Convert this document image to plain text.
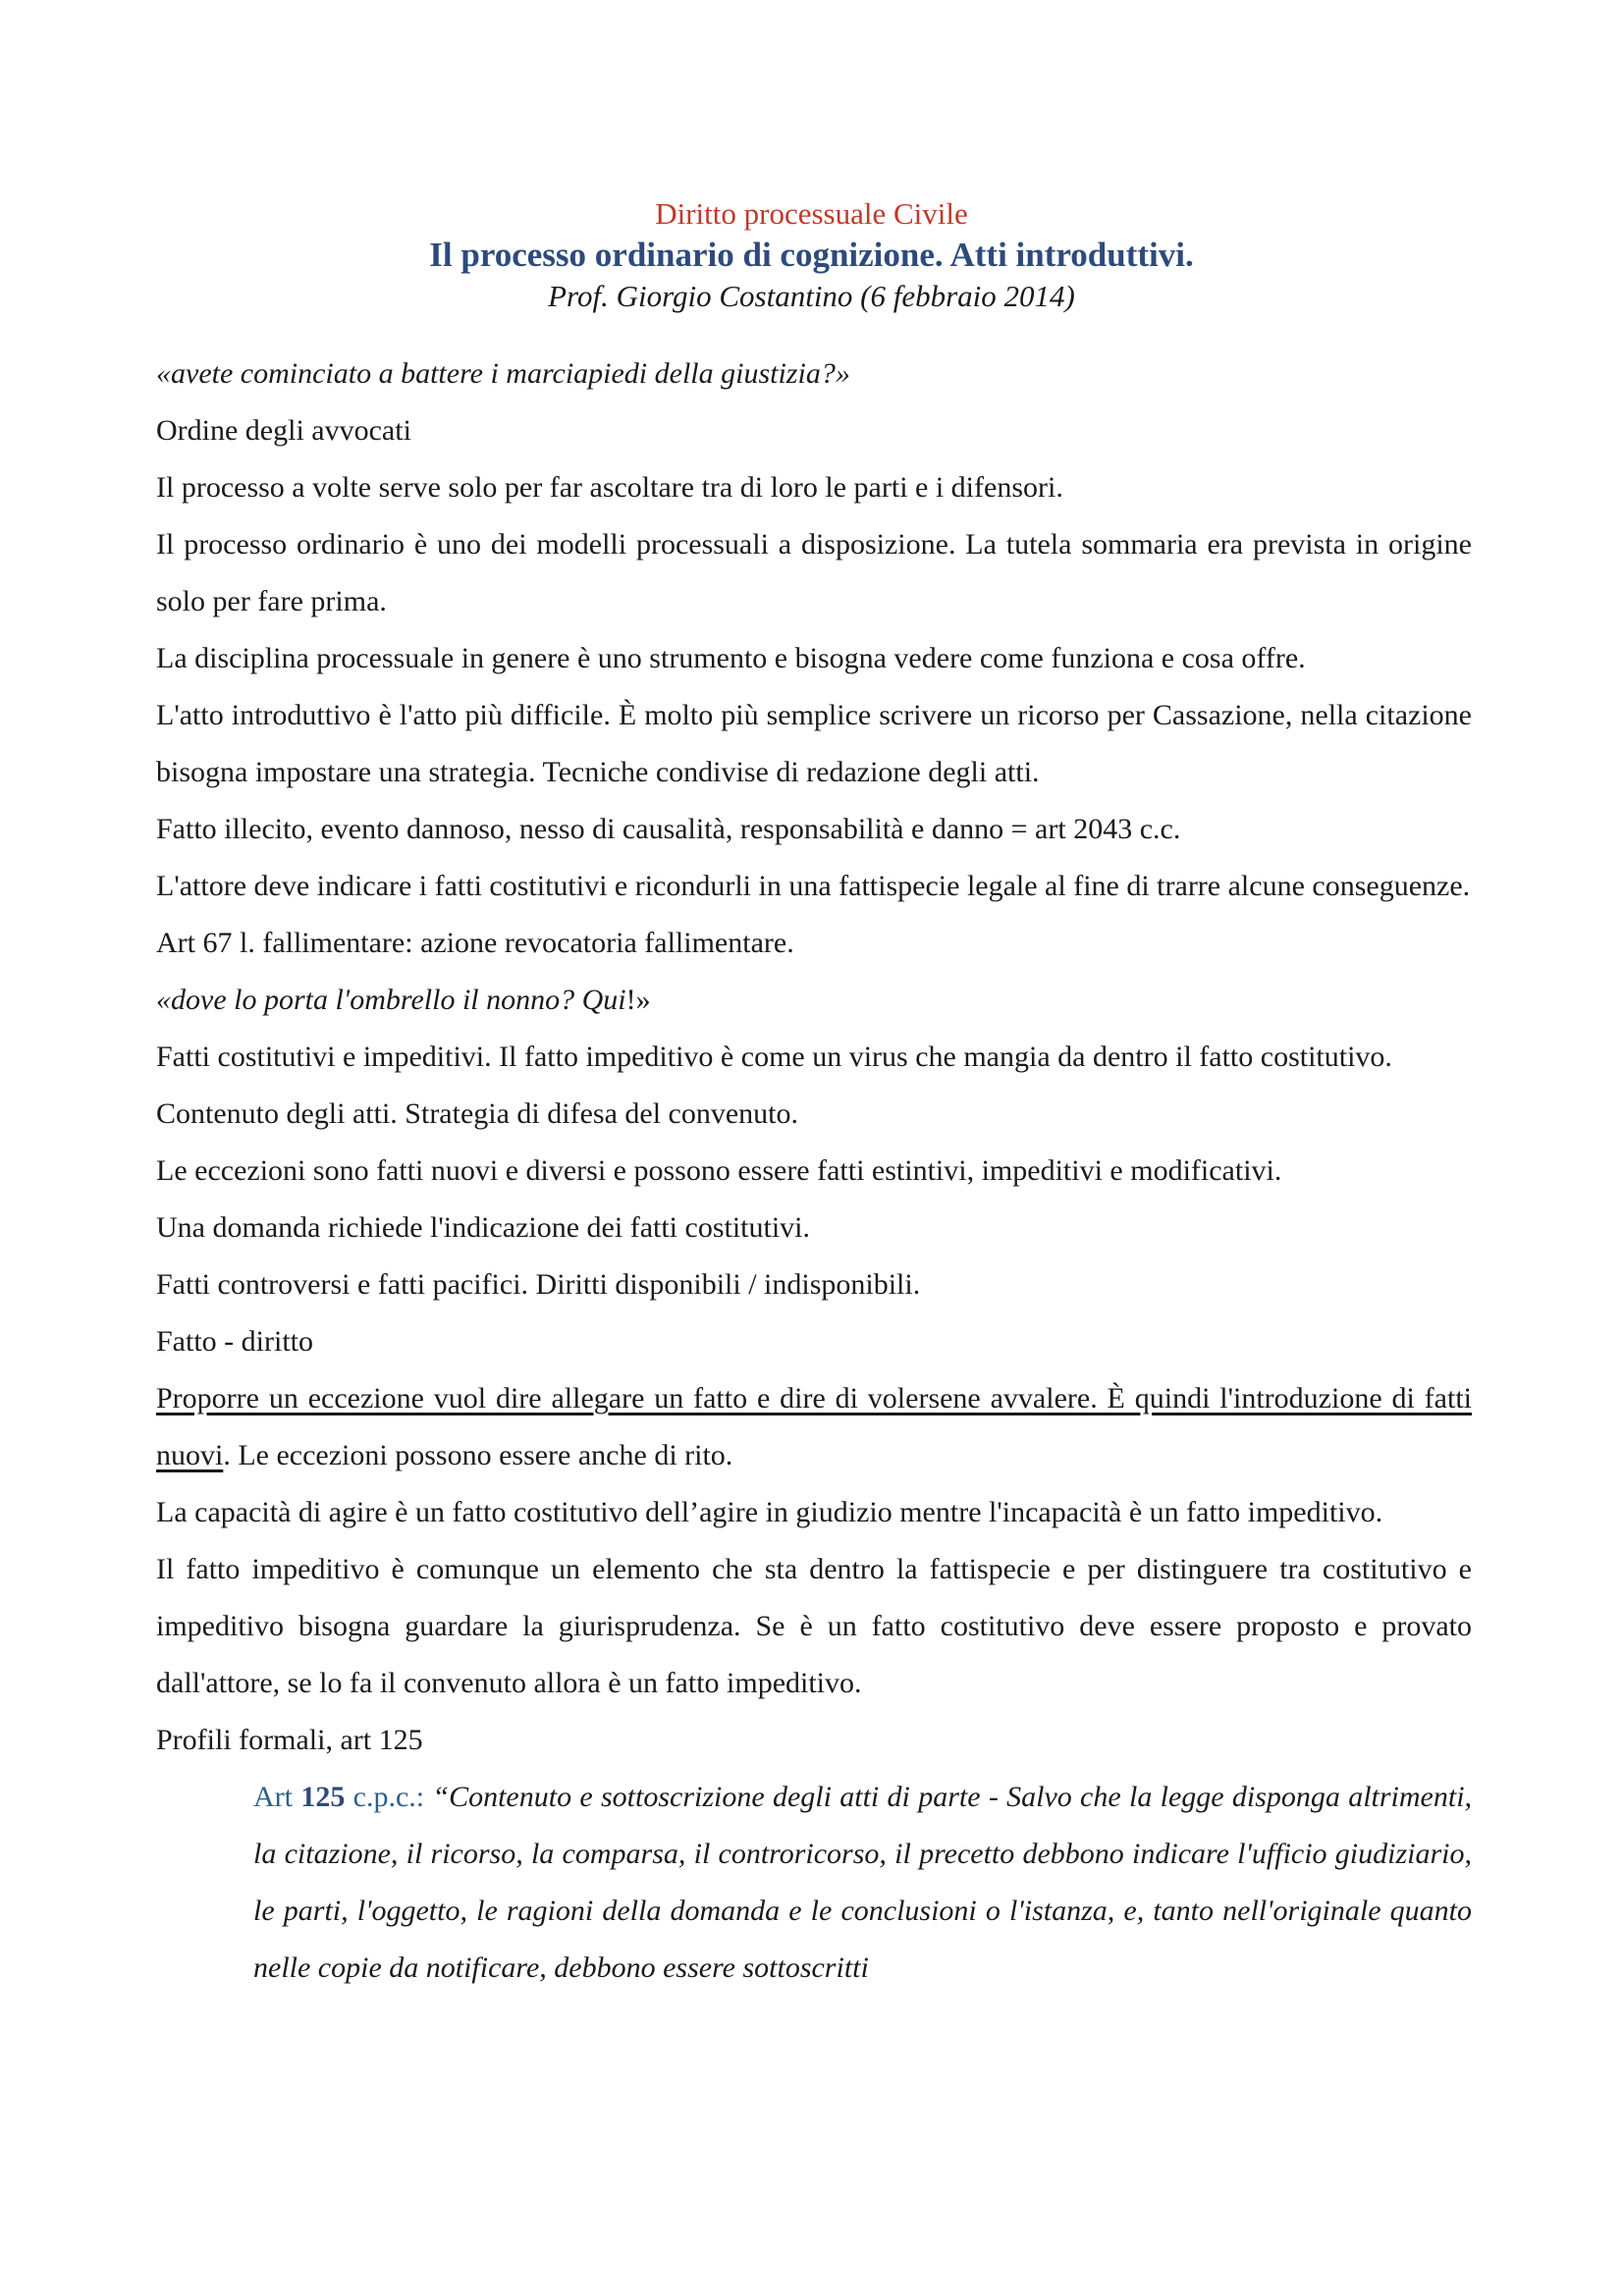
Diritto processuale Civile
Il processo ordinario di cognizione. Atti introduttivi.
Prof. Giorgio Costantino (6 febbraio 2014)

«avete cominciato a battere i marciapiedi della giustizia?»

Ordine degli avvocati

Il processo a volte serve solo per far ascoltare tra di loro le parti e i difensori.

Il processo ordinario è uno dei modelli processuali a disposizione. La tutela sommaria era prevista in origine solo per fare prima.

La disciplina processuale in genere è uno strumento e bisogna vedere come funziona e cosa offre.

L'atto introduttivo è l'atto più difficile. È molto più semplice scrivere un ricorso per Cassazione, nella citazione bisogna impostare una strategia. Tecniche condivise di redazione degli atti.

Fatto illecito, evento dannoso, nesso di causalità, responsabilità e danno = art 2043 c.c.

L'attore deve indicare i fatti costitutivi e ricondurli in una fattispecie legale al fine di trarre alcune conseguenze.

Art 67 l. fallimentare: azione revocatoria fallimentare.

«dove lo porta l'ombrello il nonno? Qui!»

Fatti costitutivi e impeditivi. Il fatto impeditivo è come un virus che mangia da dentro il fatto costitutivo.

Contenuto degli atti. Strategia di difesa del convenuto.

Le eccezioni sono fatti nuovi e diversi e possono essere fatti estintivi, impeditivi e modificativi.

Una domanda richiede l'indicazione dei fatti costitutivi.

Fatti controversi e fatti pacifici. Diritti disponibili / indisponibili.

Fatto - diritto

Proporre un eccezione vuol dire allegare un fatto e dire di volersene avvalere. È quindi l'introduzione di fatti nuovi. Le eccezioni possono essere anche di rito.

La capacità di agire è un fatto costitutivo dell’agire in giudizio mentre l'incapacità è un fatto impeditivo.

Il fatto impeditivo è comunque un elemento che sta dentro la fattispecie e per distinguere tra costitutivo e impeditivo bisogna guardare la giurisprudenza. Se è un fatto costitutivo deve essere proposto e provato dall'attore, se lo fa il convenuto allora è un fatto impeditivo.

Profili formali, art 125

Art 125 c.p.c.: “Contenuto e sottoscrizione degli atti di parte - Salvo che la legge disponga altrimenti, la citazione, il ricorso, la comparsa, il controricorso, il precetto debbono indicare l'ufficio giudiziario, le parti, l'oggetto, le ragioni della domanda e le conclusioni o l'istanza, e, tanto nell'originale quanto nelle copie da notificare, debbono essere sottoscritti
